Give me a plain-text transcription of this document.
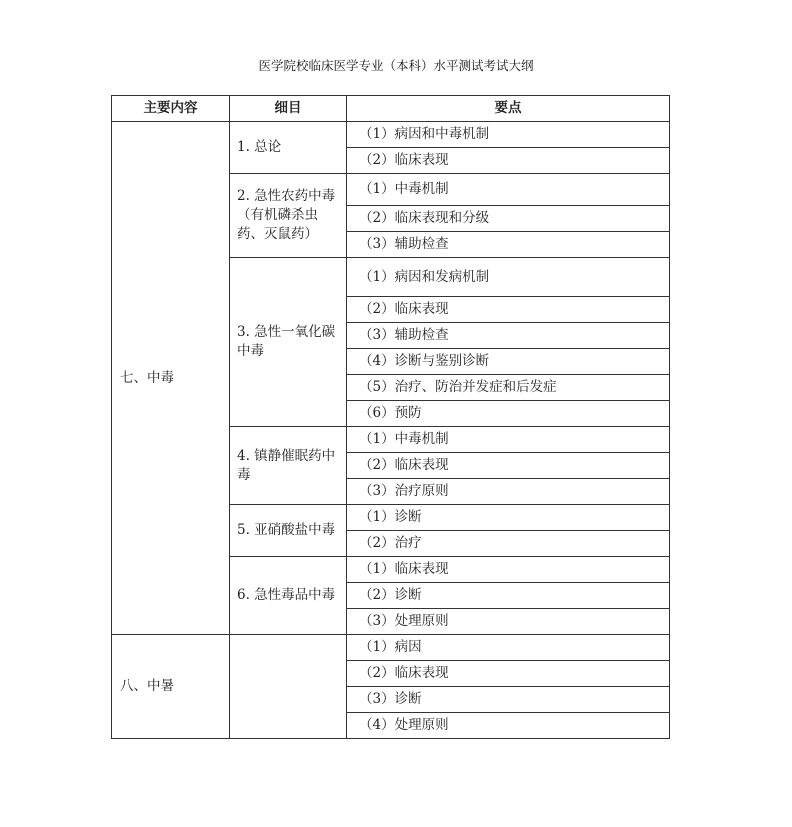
医学院校临床医学专业（本科）水平测试考试大纲
主要内容	细目	要点
七、中毒	1. 总论	（1）病因和中毒机制
		（2）临床表现
	2. 急性农药中毒（有机磷杀虫药、灭鼠药）	（1）中毒机制
		（2）临床表现和分级
		（3）辅助检查
	3. 急性一氧化碳中毒	（1）病因和发病机制
		（2）临床表现
		（3）辅助检查
		（4）诊断与鉴别诊断
		（5）治疗、防治并发症和后发症
		（6）预防
	4. 镇静催眠药中毒	（1）中毒机制
		（2）临床表现
		（3）治疗原则
	5. 亚硝酸盐中毒	（1）诊断
		（2）治疗
	6. 急性毒品中毒	（1）临床表现
		（2）诊断
		（3）处理原则
八、中暑		（1）病因
		（2）临床表现
		（3）诊断
		（4）处理原则
